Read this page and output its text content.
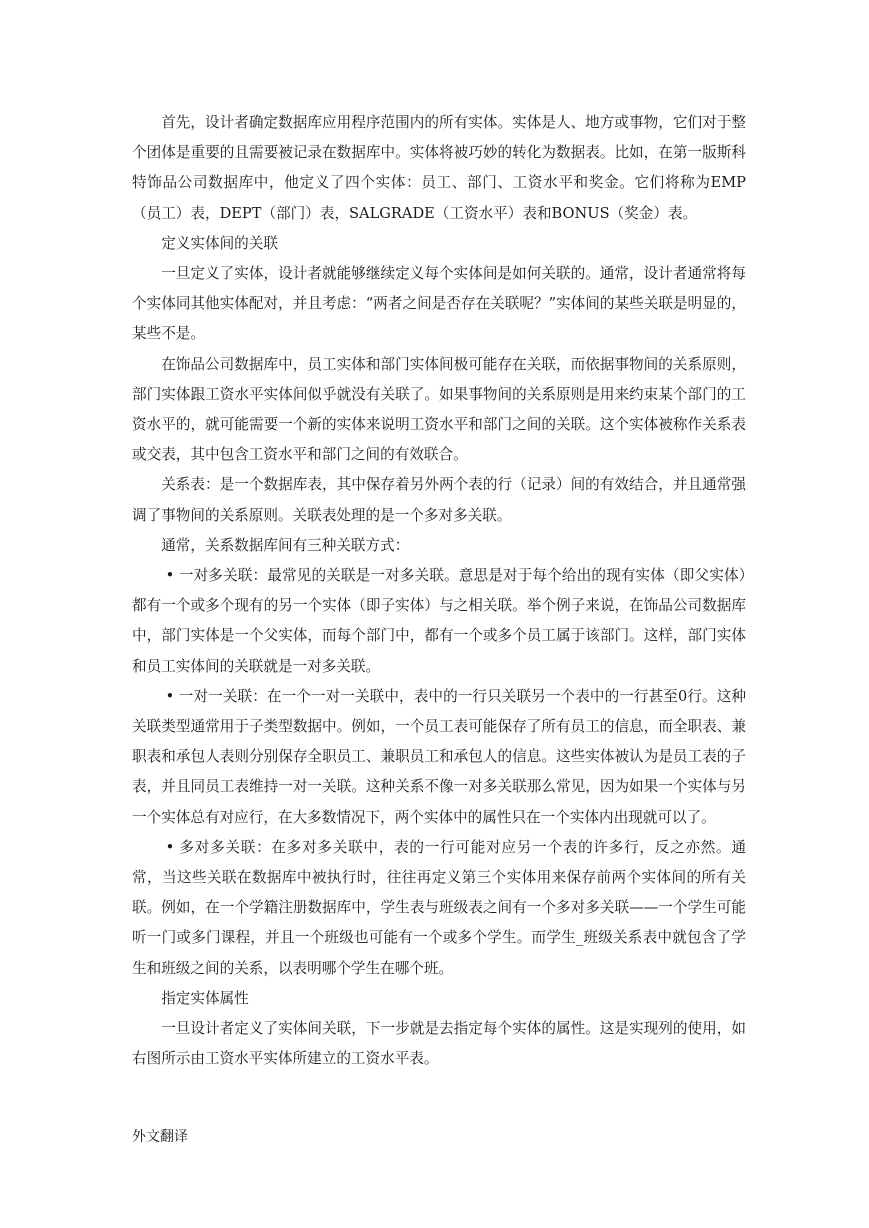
首先，设计者确定数据库应用程序范围内的所有实体。实体是人、地方或事物，它们对于整个团体是重要的且需要被记录在数据库中。实体将被巧妙的转化为数据表。比如，在第一版斯科特饰品公司数据库中，他定义了四个实体：员工、部门、工资水平和奖金。它们将称为EMP（员工）表，DEPT（部门）表，SALGRADE（工资水平）表和BONUS（奖金）表。

定义实体间的关联

一旦定义了实体，设计者就能够继续定义每个实体间是如何关联的。通常，设计者通常将每个实体同其他实体配对，并且考虑：“两者之间是否存在关联呢？”实体间的某些关联是明显的，某些不是。

在饰品公司数据库中，员工实体和部门实体间极可能存在关联，而依据事物间的关系原则，部门实体跟工资水平实体间似乎就没有关联了。如果事物间的关系原则是用来约束某个部门的工资水平的，就可能需要一个新的实体来说明工资水平和部门之间的关联。这个实体被称作关系表或交表，其中包含工资水平和部门之间的有效联合。

关系表：是一个数据库表，其中保存着另外两个表的行（记录）间的有效结合，并且通常强调了事物间的关系原则。关联表处理的是一个多对多关联。

通常，关系数据库间有三种关联方式：

• 一对多关联：最常见的关联是一对多关联。意思是对于每个给出的现有实体（即父实体）都有一个或多个现有的另一个实体（即子实体）与之相关联。举个例子来说，在饰品公司数据库中，部门实体是一个父实体，而每个部门中，都有一个或多个员工属于该部门。这样，部门实体和员工实体间的关联就是一对多关联。

• 一对一关联：在一个一对一关联中，表中的一行只关联另一个表中的一行甚至0行。这种关联类型通常用于子类型数据中。例如，一个员工表可能保存了所有员工的信息，而全职表、兼职表和承包人表则分别保存全职员工、兼职员工和承包人的信息。这些实体被认为是员工表的子表，并且同员工表维持一对一关联。这种关系不像一对多关联那么常见，因为如果一个实体与另一个实体总有对应行，在大多数情况下，两个实体中的属性只在一个实体内出现就可以了。

• 多对多关联：在多对多关联中，表的一行可能对应另一个表的许多行，反之亦然。通常，当这些关联在数据库中被执行时，往往再定义第三个实体用来保存前两个实体间的所有关联。例如，在一个学籍注册数据库中，学生表与班级表之间有一个多对多关联——一个学生可能听一门或多门课程，并且一个班级也可能有一个或多个学生。而学生_班级关系表中就包含了学生和班级之间的关系，以表明哪个学生在哪个班。

指定实体属性

一旦设计者定义了实体间关联，下一步就是去指定每个实体的属性。这是实现列的使用，如右图所示由工资水平实体所建立的工资水平表。

外文翻译
